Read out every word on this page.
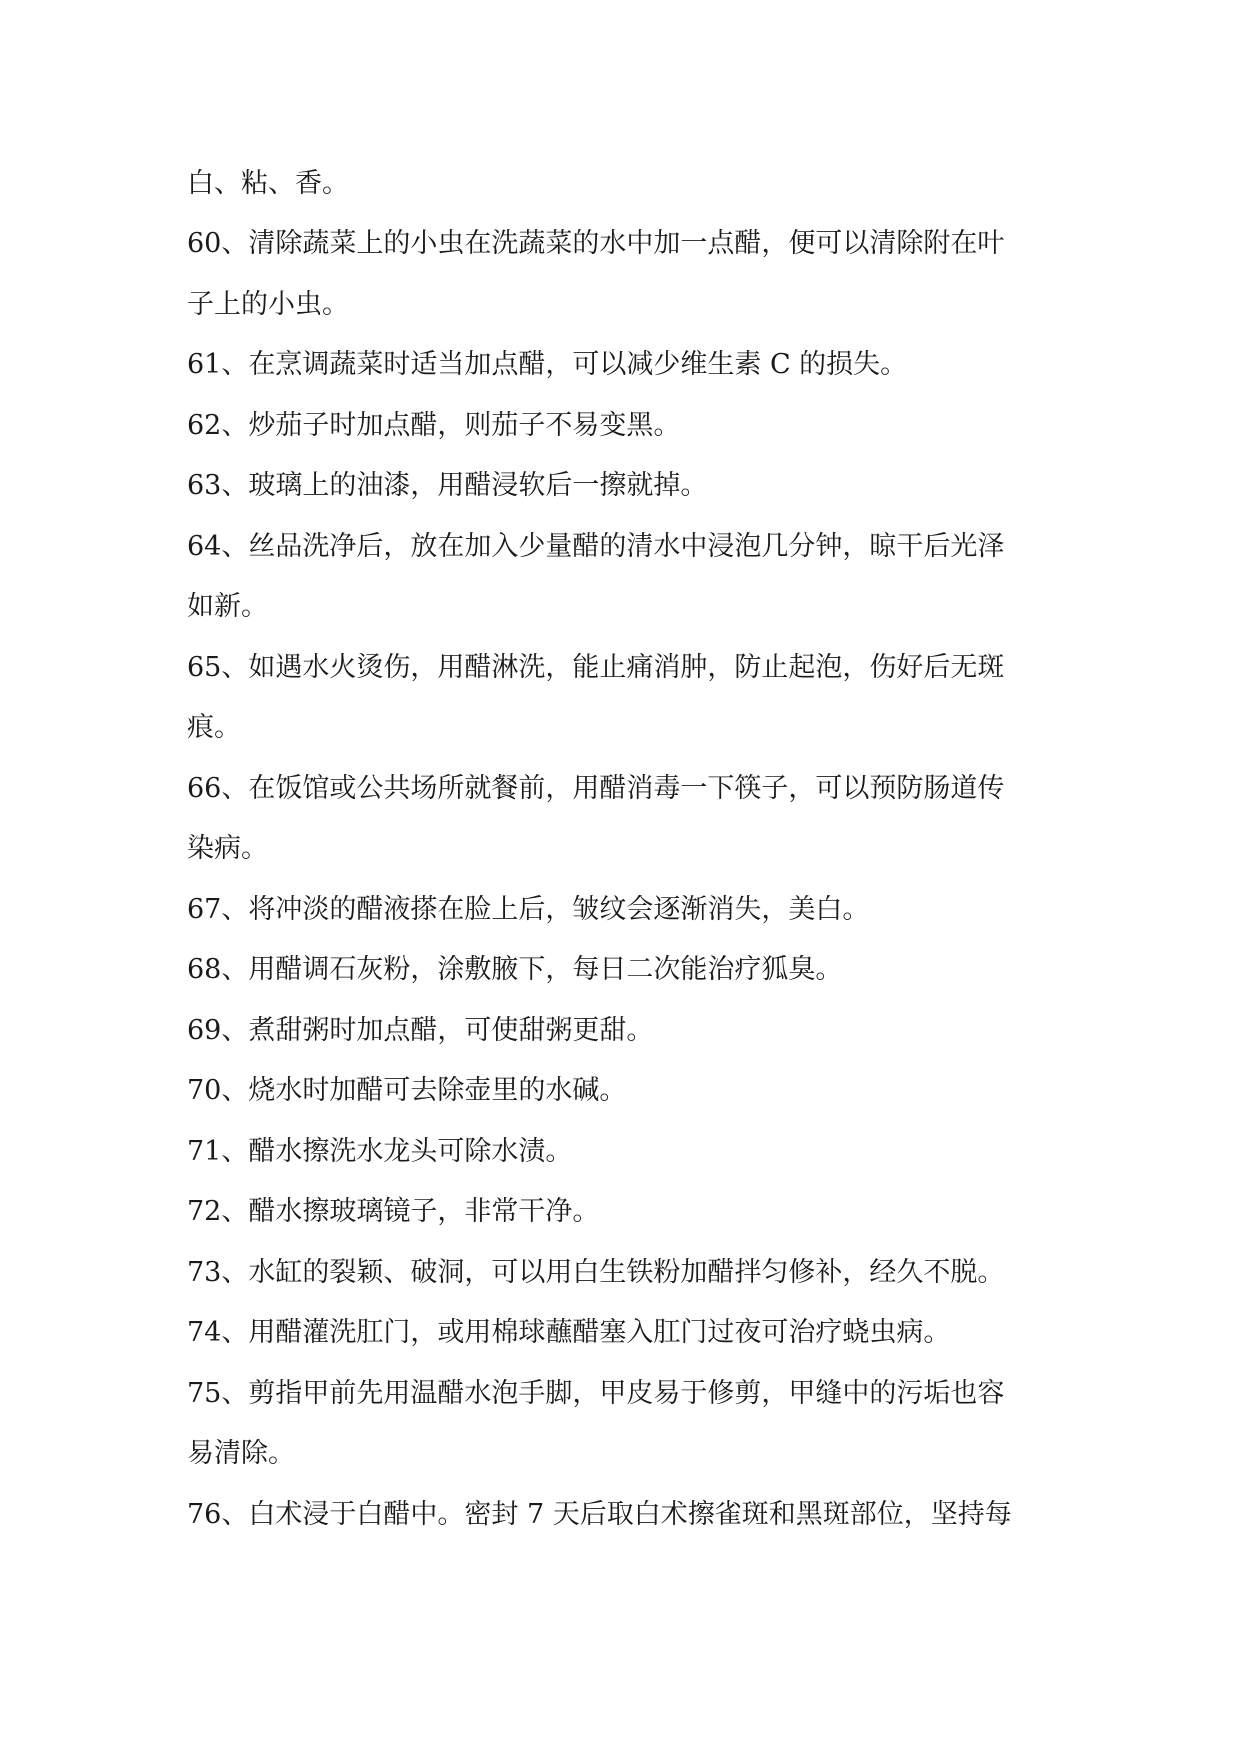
白、粘、香。

60、清除蔬菜上的小虫在洗蔬菜的水中加一点醋，便可以清除附在叶

子上的小虫。

61、在烹调蔬菜时适当加点醋，可以减少维生素 C 的损失。

62、炒茄子时加点醋，则茄子不易变黑。

63、玻璃上的油漆，用醋浸软后一擦就掉。

64、丝品洗净后，放在加入少量醋的清水中浸泡几分钟，晾干后光泽

如新。

65、如遇水火烫伤，用醋淋洗，能止痛消肿，防止起泡，伤好后无斑

痕。

66、在饭馆或公共场所就餐前，用醋消毒一下筷子，可以预防肠道传

染病。

67、将冲淡的醋液搽在脸上后，皱纹会逐渐消失，美白。

68、用醋调石灰粉，涂敷腋下，每日二次能治疗狐臭。

69、煮甜粥时加点醋，可使甜粥更甜。

70、烧水时加醋可去除壶里的水碱。

71、醋水擦洗水龙头可除水渍。

72、醋水擦玻璃镜子，非常干净。

73、水缸的裂颖、破洞，可以用白生铁粉加醋拌匀修补，经久不脱。

74、用醋灌洗肛门，或用棉球蘸醋塞入肛门过夜可治疗蛲虫病。

75、剪指甲前先用温醋水泡手脚，甲皮易于修剪，甲缝中的污垢也容

易清除。

76、白术浸于白醋中。密封 7 天后取白术擦雀斑和黑斑部位，坚持每
